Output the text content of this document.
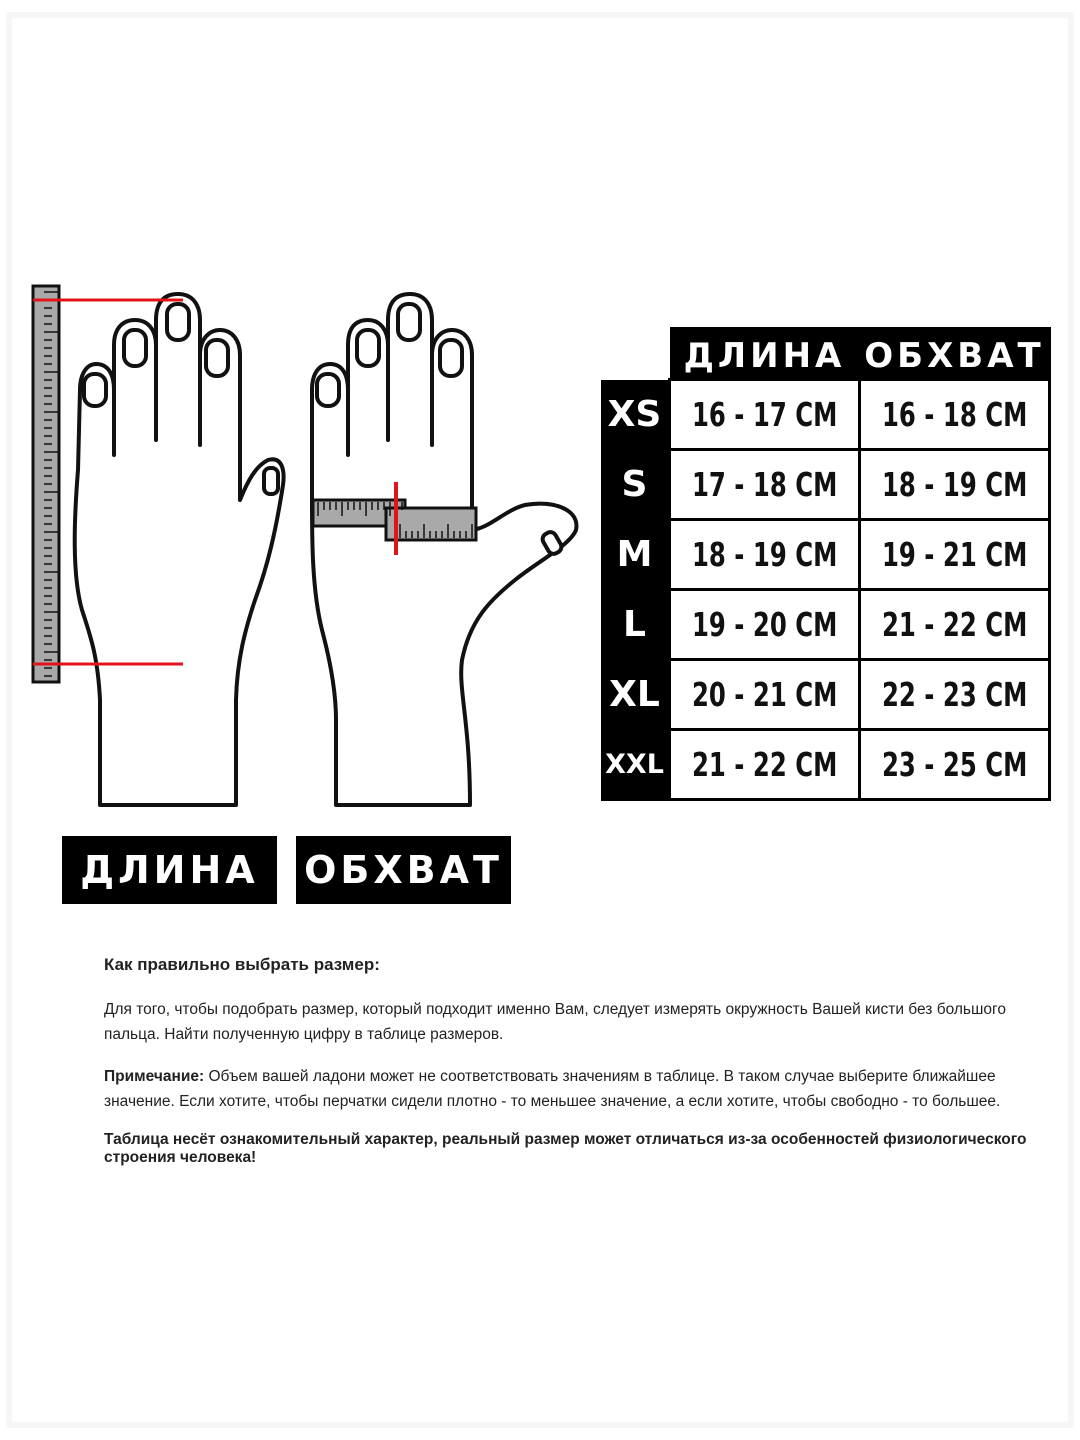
	ДЛИНА	ОБХВАТ
XS	16 - 17 СМ	16 - 18 СМ
S	17 - 18 СМ	18 - 19 СМ
M	18 - 19 СМ	19 - 21 СМ
L	19 - 20 СМ	21 - 22 СМ
XL	20 - 21 СМ	22 - 23 СМ
XXL	21 - 22 СМ	23 - 25 СМ
ДЛИНА	ОБХВАТ
Как правильно выбрать размер:

Для того, чтобы подобрать размер, который подходит именно Вам, следует измерять окружность Вашей кисти без большого пальца. Найти полученную цифру в таблице размеров.

Примечание: Объем вашей ладони может не соответствовать значениям в таблице. В таком случае выберите ближайшее значение. Если хотите, чтобы перчатки сидели плотно - то меньшее значение, а если хотите, чтобы свободно - то большее.

Таблица несёт ознакомительный характер, реальный размер может отличаться из-за особенностей физиологического строения человека!
